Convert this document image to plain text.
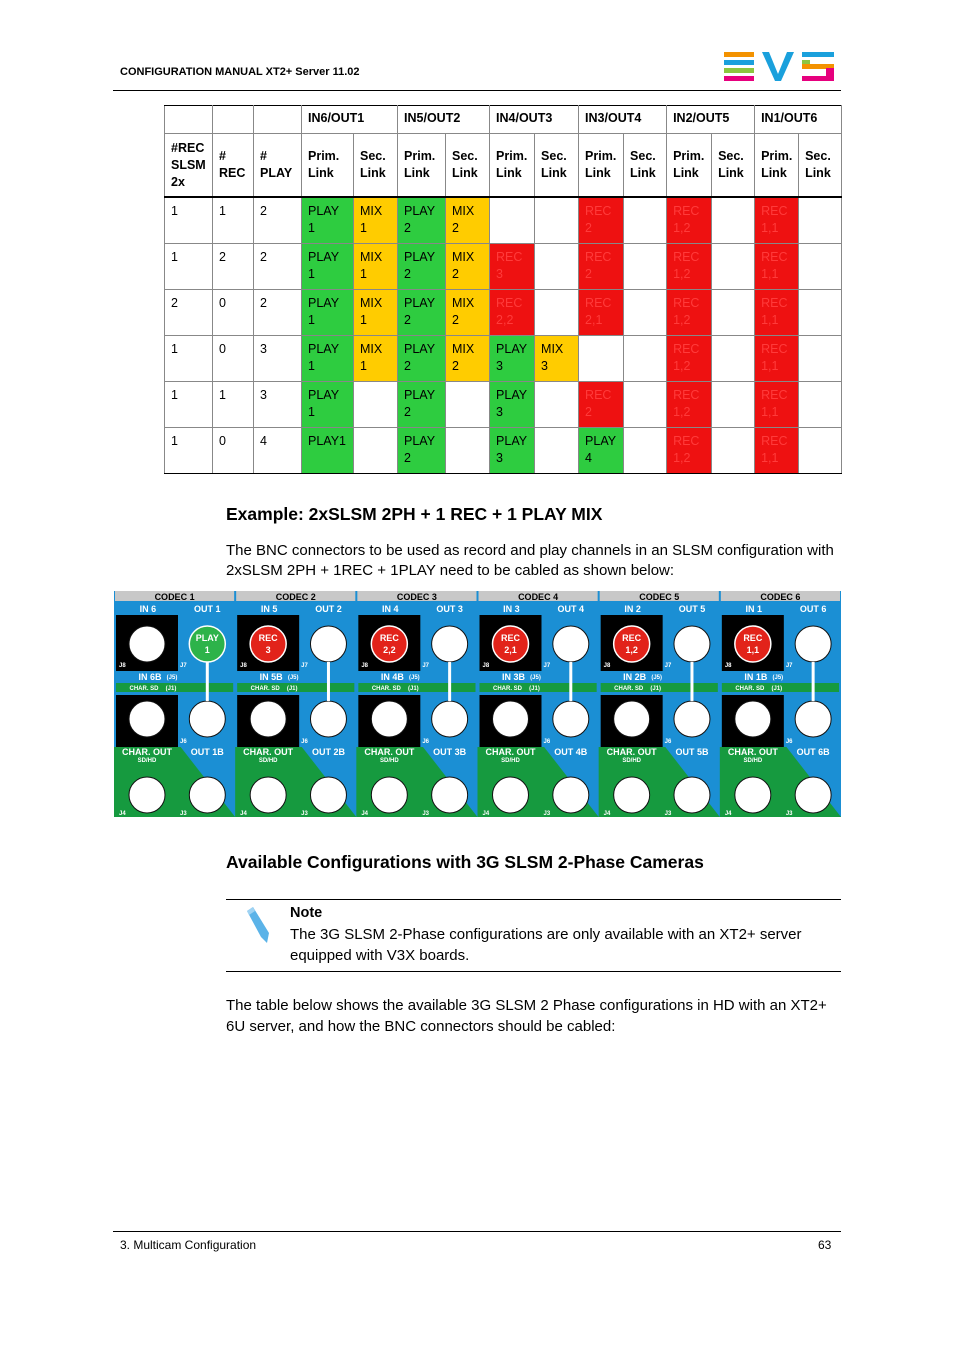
CONFIGURATION MANUAL XT2+ Server 11.02
			IN6/OUT1		IN5/OUT2		IN4/OUT3		IN3/OUT4		IN2/OUT5		IN1/OUT6	
#REC SLSM 2x	# REC	# PLAY	Prim. Link	Sec. Link	Prim. Link	Sec. Link	Prim. Link	Sec. Link	Prim. Link	Sec. Link	Prim. Link	Sec. Link	Prim. Link	Sec. Link
1	1	2	PLAY 1	MIX 1	PLAY 2	MIX 2			REC 2		REC 1,2		REC 1,1	
1	2	2	PLAY 1	MIX 1	PLAY 2	MIX 2	REC 3		REC 2		REC 1,2		REC 1,1	
2	0	2	PLAY 1	MIX 1	PLAY 2	MIX 2	REC 2,2		REC 2,1		REC 1,2		REC 1,1	
1	0	3	PLAY 1	MIX 1	PLAY 2	MIX 2	PLAY 3	MIX 3			REC 1,2		REC 1,1	
1	1	3	PLAY 1		PLAY 2		PLAY 3		REC 2		REC 1,2		REC 1,1	
1	0	4	PLAY1		PLAY 2		PLAY 3		PLAY 4		REC 1,2		REC 1,1	
Example: 2xSLSM 2PH + 1 REC + 1 PLAY MIX
The BNC connectors to be used as record and play channels in an SLSM configuration with 2xSLSM 2PH + 1REC + 1PLAY need to be cabled as shown below:
CODEC 1
IN 6	OUT 1
IN 6B (J5)
CHAR. SD (J1)
CHAR. OUT
SD/HD
OUT 1B
J8	J7
J6
J4	J3
PLAY
1
CODEC 2
IN 5	OUT 2
IN 5B (J5)
CHAR. SD (J1)
CHAR. OUT
SD/HD
OUT 2B
J8	J7
J6
J4	J3
REC
3
CODEC 3
IN 4	OUT 3
IN 4B (J5)
CHAR. SD (J1)
CHAR. OUT
SD/HD
OUT 3B
J8	J7
J6
J4	J3
REC
2,2
CODEC 4
IN 3	OUT 4
IN 3B (J5)
CHAR. SD (J1)
CHAR. OUT
SD/HD
OUT 4B
J8	J7
J6
J4	J3
REC
2,1
CODEC 5
IN 2	OUT 5
IN 2B (J5)
CHAR. SD (J1)
CHAR. OUT
SD/HD
OUT 5B
J8	J7
J6
J4	J3
REC
1,2
CODEC 6
IN 1	OUT 6
IN 1B (J5)
CHAR. SD (J1)
CHAR. OUT
SD/HD
OUT 6B
J8	J7
J6
J4	J3
REC
1,1
Available Configurations with 3G SLSM 2-Phase Cameras
Note
The 3G SLSM 2-Phase configurations are only available with an XT2+ server equipped with V3X boards.
The table below shows the available 3G SLSM 2 Phase configurations in HD with an XT2+ 6U server, and how the BNC connectors should be cabled:
3. Multicam Configuration	63
